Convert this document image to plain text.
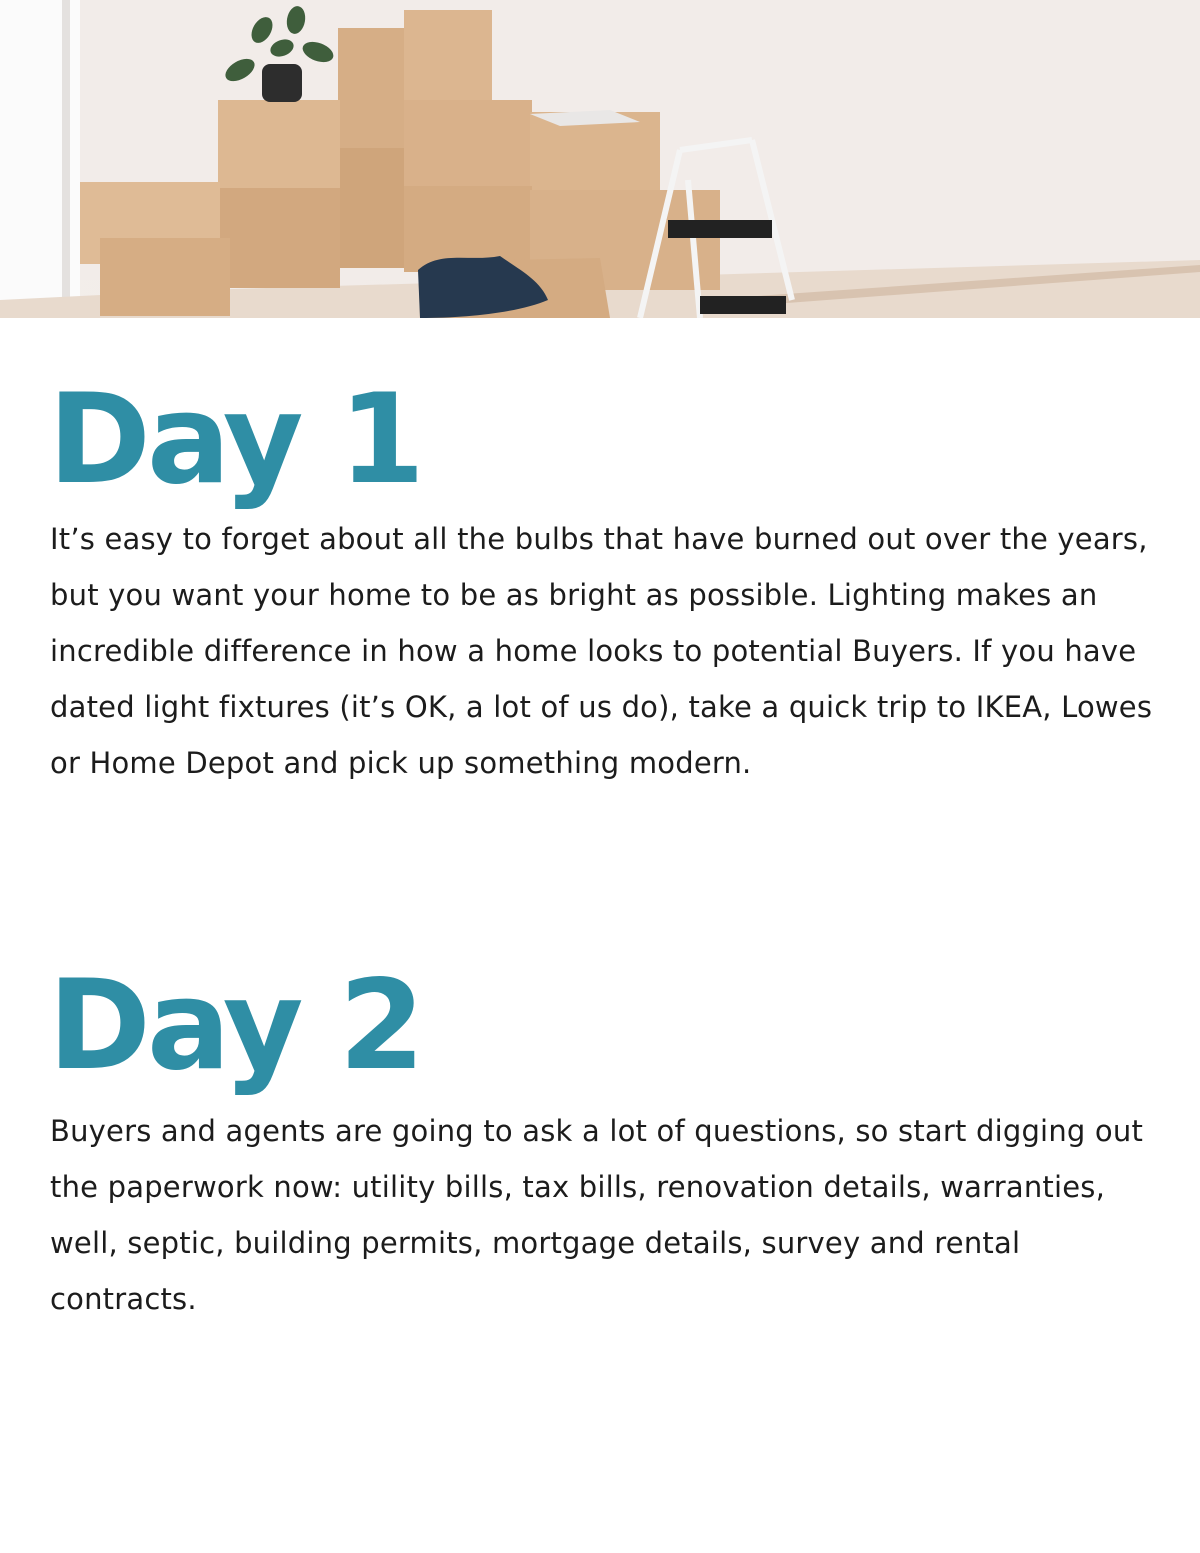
Day 1

It’s easy to forget about all the bulbs that have burned out over the years, but you want your home to be as bright as possible. Lighting makes an incredible difference in how a home looks to potential Buyers. If you have dated light fixtures (it’s OK, a lot of us do), take a quick trip to IKEA, Lowes or Home Depot and pick up something modern.

Day 2

Buyers and agents are going to ask a lot of questions, so start digging out the paperwork now: utility bills, tax bills, renovation details, warranties, well, septic, building permits, mortgage details, survey and rental contracts.
